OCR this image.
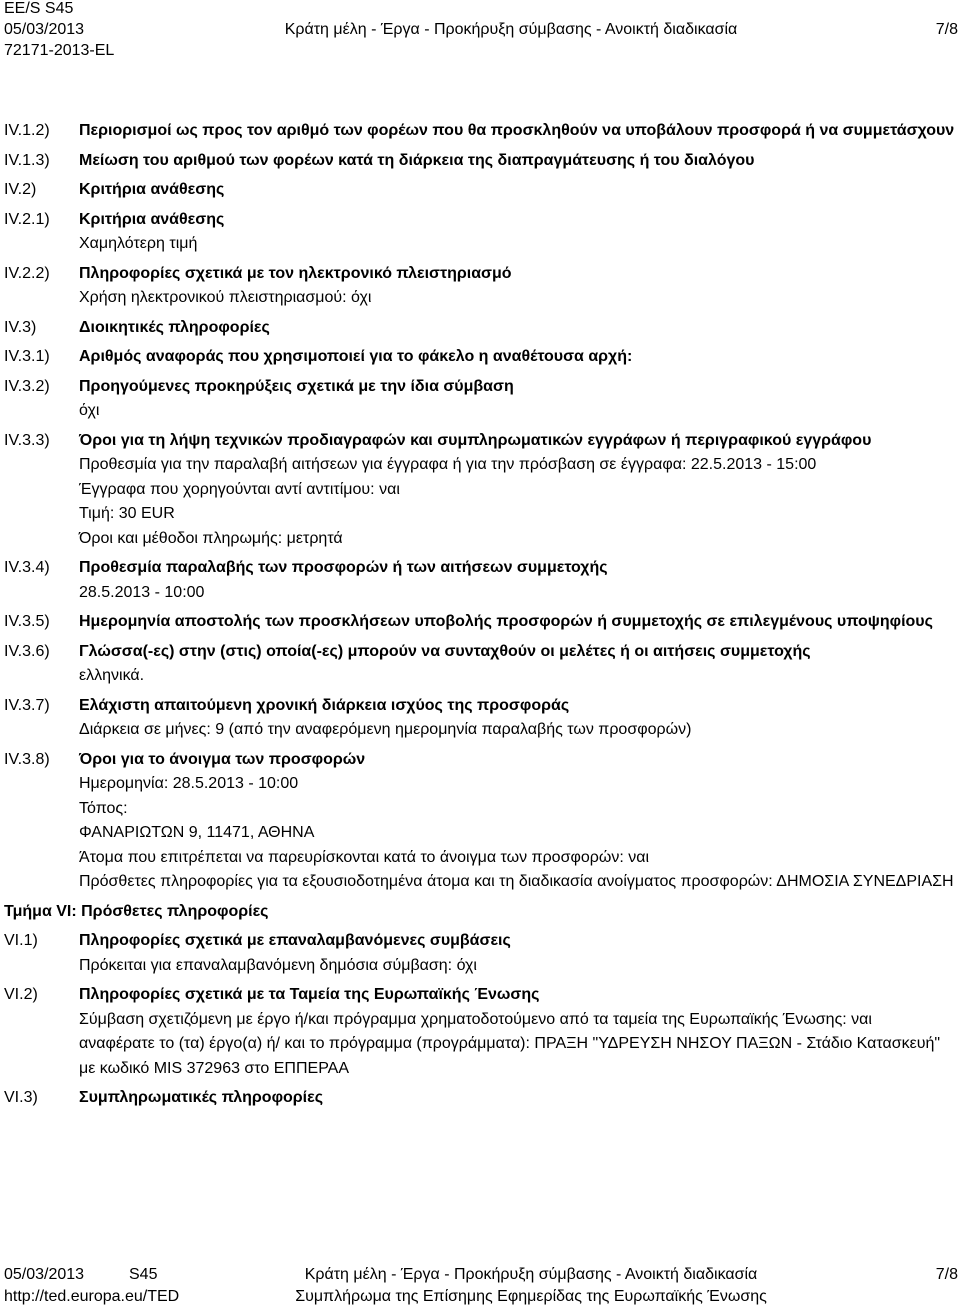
EE/S S45
05/03/2013	Κράτη μέλη - Έργα - Προκήρυξη σύμβασης - Ανοικτή διαδικασία	7/8
72171-2013-EL
IV.1.2)	Περιορισμοί ως προς τον αριθμό των φορέων που θα προσκληθούν να υποβάλουν προσφορά ή να συμμετάσχουν
IV.1.3)	Μείωση του αριθμού των φορέων κατά τη διάρκεια της διαπραγμάτευσης ή του διαλόγου
IV.2)	Κριτήρια ανάθεσης
IV.2.1)	Κριτήρια ανάθεσης
Χαμηλότερη τιμή
IV.2.2)	Πληροφορίες σχετικά με τον ηλεκτρονικό πλειστηριασμό
Χρήση ηλεκτρονικού πλειστηριασμού: όχι
IV.3)	Διοικητικές πληροφορίες
IV.3.1)	Αριθμός αναφοράς που χρησιμοποιεί για το φάκελο η αναθέτουσα αρχή:
IV.3.2)	Προηγούμενες προκηρύξεις σχετικά με την ίδια σύμβαση
όχι
IV.3.3)	Όροι για τη λήψη τεχνικών προδιαγραφών και συμπληρωματικών εγγράφων ή περιγραφικού εγγράφου
Προθεσμία για την παραλαβή αιτήσεων για έγγραφα ή για την πρόσβαση σε έγγραφα: 22.5.2013 - 15:00
Έγγραφα που χορηγούνται αντί αντιτίμου: ναι
Τιμή: 30 EUR
Όροι και μέθοδοι πληρωμής: μετρητά
IV.3.4)	Προθεσμία παραλαβής των προσφορών ή των αιτήσεων συμμετοχής
28.5.2013 - 10:00
IV.3.5)	Ημερομηνία αποστολής των προσκλήσεων υποβολής προσφορών ή συμμετοχής σε επιλεγμένους υποψηφίους
IV.3.6)	Γλώσσα(-ες) στην (στις) οποία(-ες) μπορούν να συνταχθούν οι μελέτες ή οι αιτήσεις συμμετοχής
ελληνικά.
IV.3.7)	Ελάχιστη απαιτούμενη χρονική διάρκεια ισχύος της προσφοράς
Διάρκεια σε μήνες: 9 (από την αναφερόμενη ημερομηνία παραλαβής των προσφορών)
IV.3.8)	Όροι για το άνοιγμα των προσφορών
Ημερομηνία: 28.5.2013 - 10:00
Τόπος:
ΦΑΝΑΡΙΩΤΩΝ 9, 11471, ΑΘΗΝΑ
Άτομα που επιτρέπεται να παρευρίσκονται κατά το άνοιγμα των προσφορών: ναι
Πρόσθετες πληροφορίες για τα εξουσιοδοτημένα άτομα και τη διαδικασία ανοίγματος προσφορών: ΔΗΜΟΣΙΑ ΣΥΝΕΔΡΙΑΣΗ
Τμήμα VI: Πρόσθετες πληροφορίες
VI.1)	Πληροφορίες σχετικά με επαναλαμβανόμενες συμβάσεις
Πρόκειται για επαναλαμβανόμενη δημόσια σύμβαση: όχι
VI.2)	Πληροφορίες σχετικά με τα Ταμεία της Ευρωπαϊκής Ένωσης
Σύμβαση σχετιζόμενη με έργο ή/και πρόγραμμα χρηματοδοτούμενο από τα ταμεία της Ευρωπαϊκής Ένωσης: ναι
αναφέρατε το (τα) έργο(α) ή/ και το πρόγραμμα (προγράμματα): ΠΡΑΞΗ "ΥΔΡΕΥΣΗ ΝΗΣΟΥ ΠΑΞΩΝ - Στάδιο Κατασκευή" με κωδικό MIS 372963 στο ΕΠΠΕΡΑΑ
VI.3)	Συμπληρωματικές πληροφορίες
05/03/2013	S45	Κράτη μέλη - Έργα - Προκήρυξη σύμβασης - Ανοικτή διαδικασία	7/8
http://ted.europa.eu/TED	Συμπλήρωμα της Επίσημης Εφημερίδας της Ευρωπαϊκής Ένωσης
